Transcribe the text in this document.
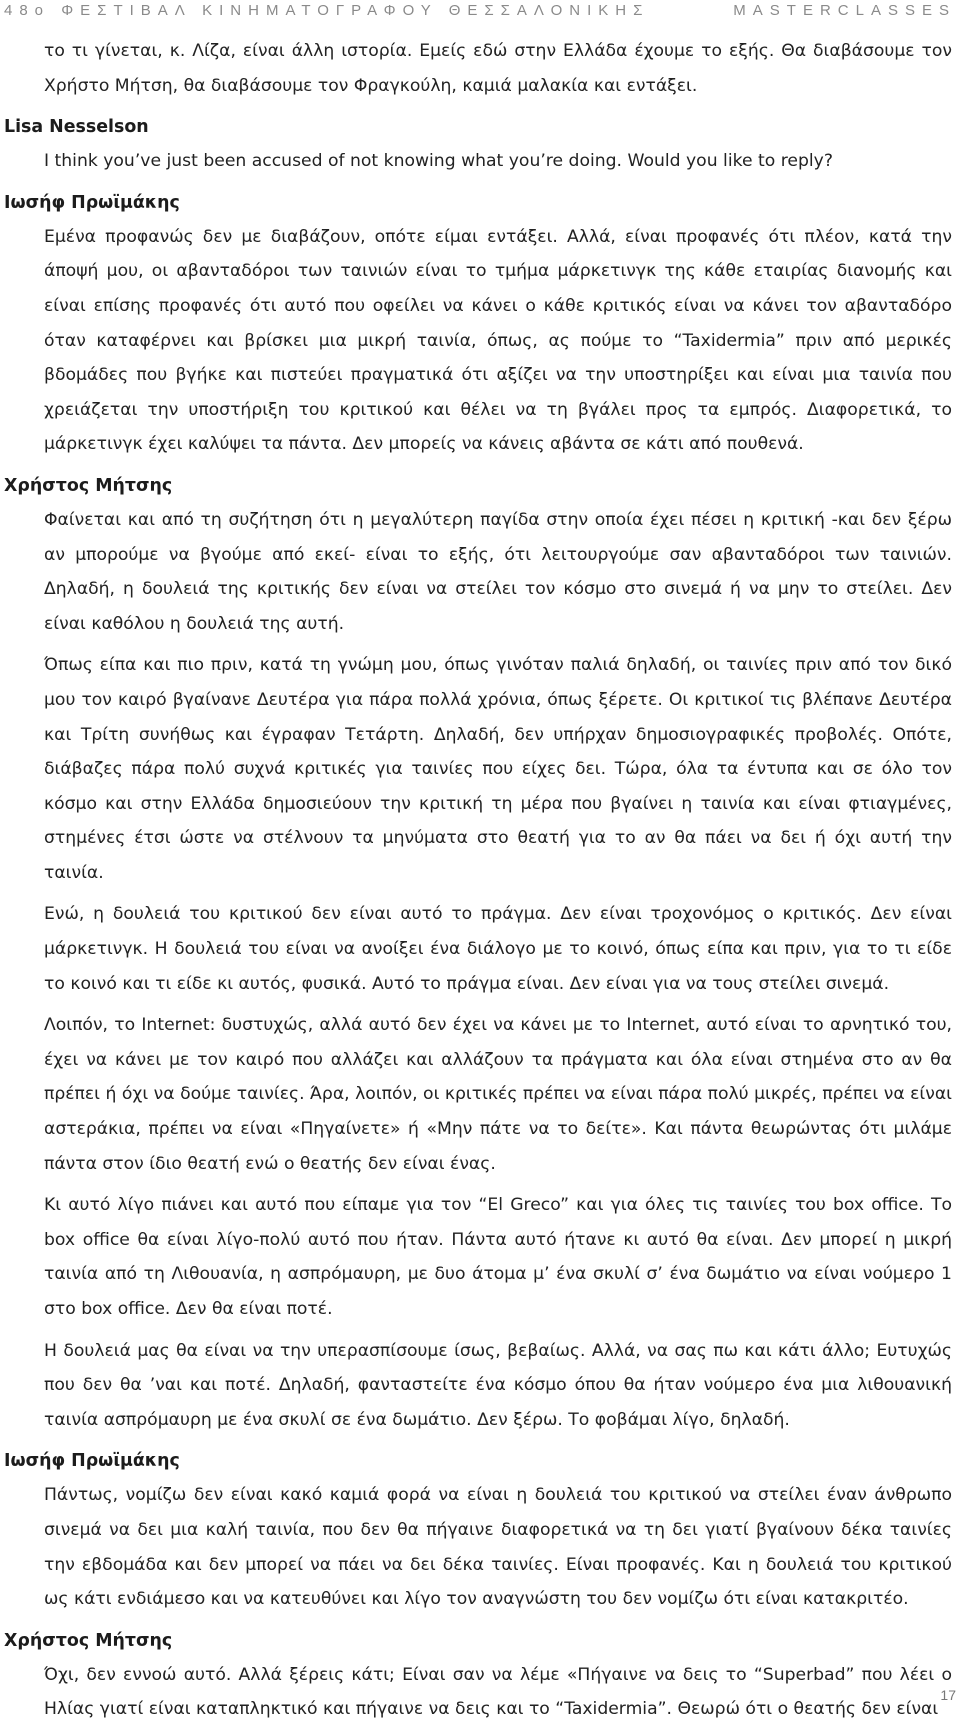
48ο ΦΕΣΤΙΒΑΛ ΚΙΝΗΜΑΤΟΓΡΑΦΟΥ ΘΕΣΣΑΛΟΝΙΚΗΣ	MASTERCLASSES

το τι γίνεται, κ. Λίζα, είναι άλλη ιστορία. Εμείς εδώ στην Ελλάδα έχουμε το εξής. Θα διαβάσουμε τον Χρήστο Μήτση, θα διαβάσουμε τον Φραγκούλη, καμιά μαλακία και εντάξει.

Lisa Nesselson

I think you’ve just been accused of not knowing what you’re doing. Would you like to reply?

Ιωσήφ Πρωϊμάκης

Εμένα προφανώς δεν με διαβάζουν, οπότε είμαι εντάξει. Αλλά, είναι προφανές ότι πλέον, κατά την άποψή μου, οι αβανταδόροι των ταινιών είναι το τμήμα μάρκετινγκ της κάθε εταιρίας διανομής και είναι επίσης προφανές ότι αυτό που οφείλει να κάνει ο κάθε κριτικός είναι να κάνει τον αβανταδόρο όταν καταφέρνει και βρίσκει μια μικρή ταινία, όπως, ας πούμε το “Taxidermia” πριν από μερικές βδομάδες που βγήκε και πιστεύει πραγματικά ότι αξίζει να την υποστηρίξει και είναι μια ταινία που χρειάζεται την υποστήριξη του κριτικού και θέλει να τη βγάλει προς τα εμπρός. Διαφορετικά, το μάρκετινγκ έχει καλύψει τα πάντα. Δεν μπορείς να κάνεις αβάντα σε κάτι από πουθενά.

Χρήστος Μήτσης

Φαίνεται και από τη συζήτηση ότι η μεγαλύτερη παγίδα στην οποία έχει πέσει η κριτική -και δεν ξέρω αν μπορούμε να βγούμε από εκεί- είναι το εξής, ότι λειτουργούμε σαν αβανταδόροι των ταινιών. Δηλαδή, η δουλειά της κριτικής δεν είναι να στείλει τον κόσμο στο σινεμά ή να μην το στείλει. Δεν είναι καθόλου η δουλειά της αυτή.

Όπως είπα και πιο πριν, κατά τη γνώμη μου, όπως γινόταν παλιά δηλαδή, οι ταινίες πριν από τον δικό μου τον καιρό βγαίνανε Δευτέρα για πάρα πολλά χρόνια, όπως ξέρετε. Οι κριτικοί τις βλέπανε Δευτέρα και Τρίτη συνήθως και έγραφαν Τετάρτη. Δηλαδή, δεν υπήρχαν δημοσιογραφικές προβολές. Οπότε, διάβαζες πάρα πολύ συχνά κριτικές για ταινίες που είχες δει. Τώρα, όλα τα έντυπα και σε όλο τον κόσμο και στην Ελλάδα δημοσιεύουν την κριτική τη μέρα που βγαίνει η ταινία και είναι φτιαγμένες, στημένες έτσι ώστε να στέλνουν τα μηνύματα στο θεατή για το αν θα πάει να δει ή όχι αυτή την ταινία.

Ενώ, η δουλειά του κριτικού δεν είναι αυτό το πράγμα. Δεν είναι τροχονόμος ο κριτικός. Δεν είναι μάρκετινγκ. Η δουλειά του είναι να ανοίξει ένα διάλογο με το κοινό, όπως είπα και πριν, για το τι είδε το κοινό και τι είδε κι αυτός, φυσικά. Αυτό το πράγμα είναι. Δεν είναι για να τους στείλει σινεμά.

Λοιπόν, το Internet: δυστυχώς, αλλά αυτό δεν έχει να κάνει με το Internet, αυτό είναι το αρνητικό του, έχει να κάνει με τον καιρό που αλλάζει και αλλάζουν τα πράγματα και όλα είναι στημένα στο αν θα πρέπει ή όχι να δούμε ταινίες. Άρα, λοιπόν, οι κριτικές πρέπει να είναι πάρα πολύ μικρές, πρέπει να είναι αστεράκια, πρέπει να είναι «Πηγαίνετε» ή «Μην πάτε να το δείτε». Και πάντα θεωρώντας ότι μιλάμε πάντα στον ίδιο θεατή ενώ ο θεατής δεν είναι ένας.

Κι αυτό λίγο πιάνει και αυτό που είπαμε για τον “El Greco” και για όλες τις ταινίες του box office. Το box office θα είναι λίγο-πολύ αυτό που ήταν. Πάντα αυτό ήτανε κι αυτό θα είναι. Δεν μπορεί η μικρή ταινία από τη Λιθουανία, η ασπρόμαυρη, με δυο άτομα μ’ ένα σκυλί σ’ ένα δωμάτιο να είναι νούμερο 1 στο box office. Δεν θα είναι ποτέ.

Η δουλειά μας θα είναι να την υπερασπίσουμε ίσως, βεβαίως. Αλλά, να σας πω και κάτι άλλο; Ευτυχώς που δεν θα ’ναι και ποτέ. Δηλαδή, φανταστείτε ένα κόσμο όπου θα ήταν νούμερο ένα μια λιθουανική ταινία ασπρόμαυρη με ένα σκυλί σε ένα δωμάτιο. Δεν ξέρω. Το φοβάμαι λίγο, δηλαδή.

Ιωσήφ Πρωϊμάκης

Πάντως, νομίζω δεν είναι κακό καμιά φορά να είναι η δουλειά του κριτικού να στείλει έναν άνθρωπο σινεμά να δει μια καλή ταινία, που δεν θα πήγαινε διαφορετικά να τη δει γιατί βγαίνουν δέκα ταινίες την εβδομάδα και δεν μπορεί να πάει να δει δέκα ταινίες. Είναι προφανές. Και η δουλειά του κριτικού ως κάτι ενδιάμεσο και να κατευθύνει και λίγο τον αναγνώστη του δεν νομίζω ότι είναι κατακριτέο.

Χρήστος Μήτσης

Όχι, δεν εννοώ αυτό. Αλλά ξέρεις κάτι; Είναι σαν να λέμε «Πήγαινε να δεις το “Superbad” που λέει ο Ηλίας γιατί είναι καταπληκτικό και πήγαινε να δεις και το “Taxidermia”. Θεωρώ ότι ο θεατής δεν είναι

17
